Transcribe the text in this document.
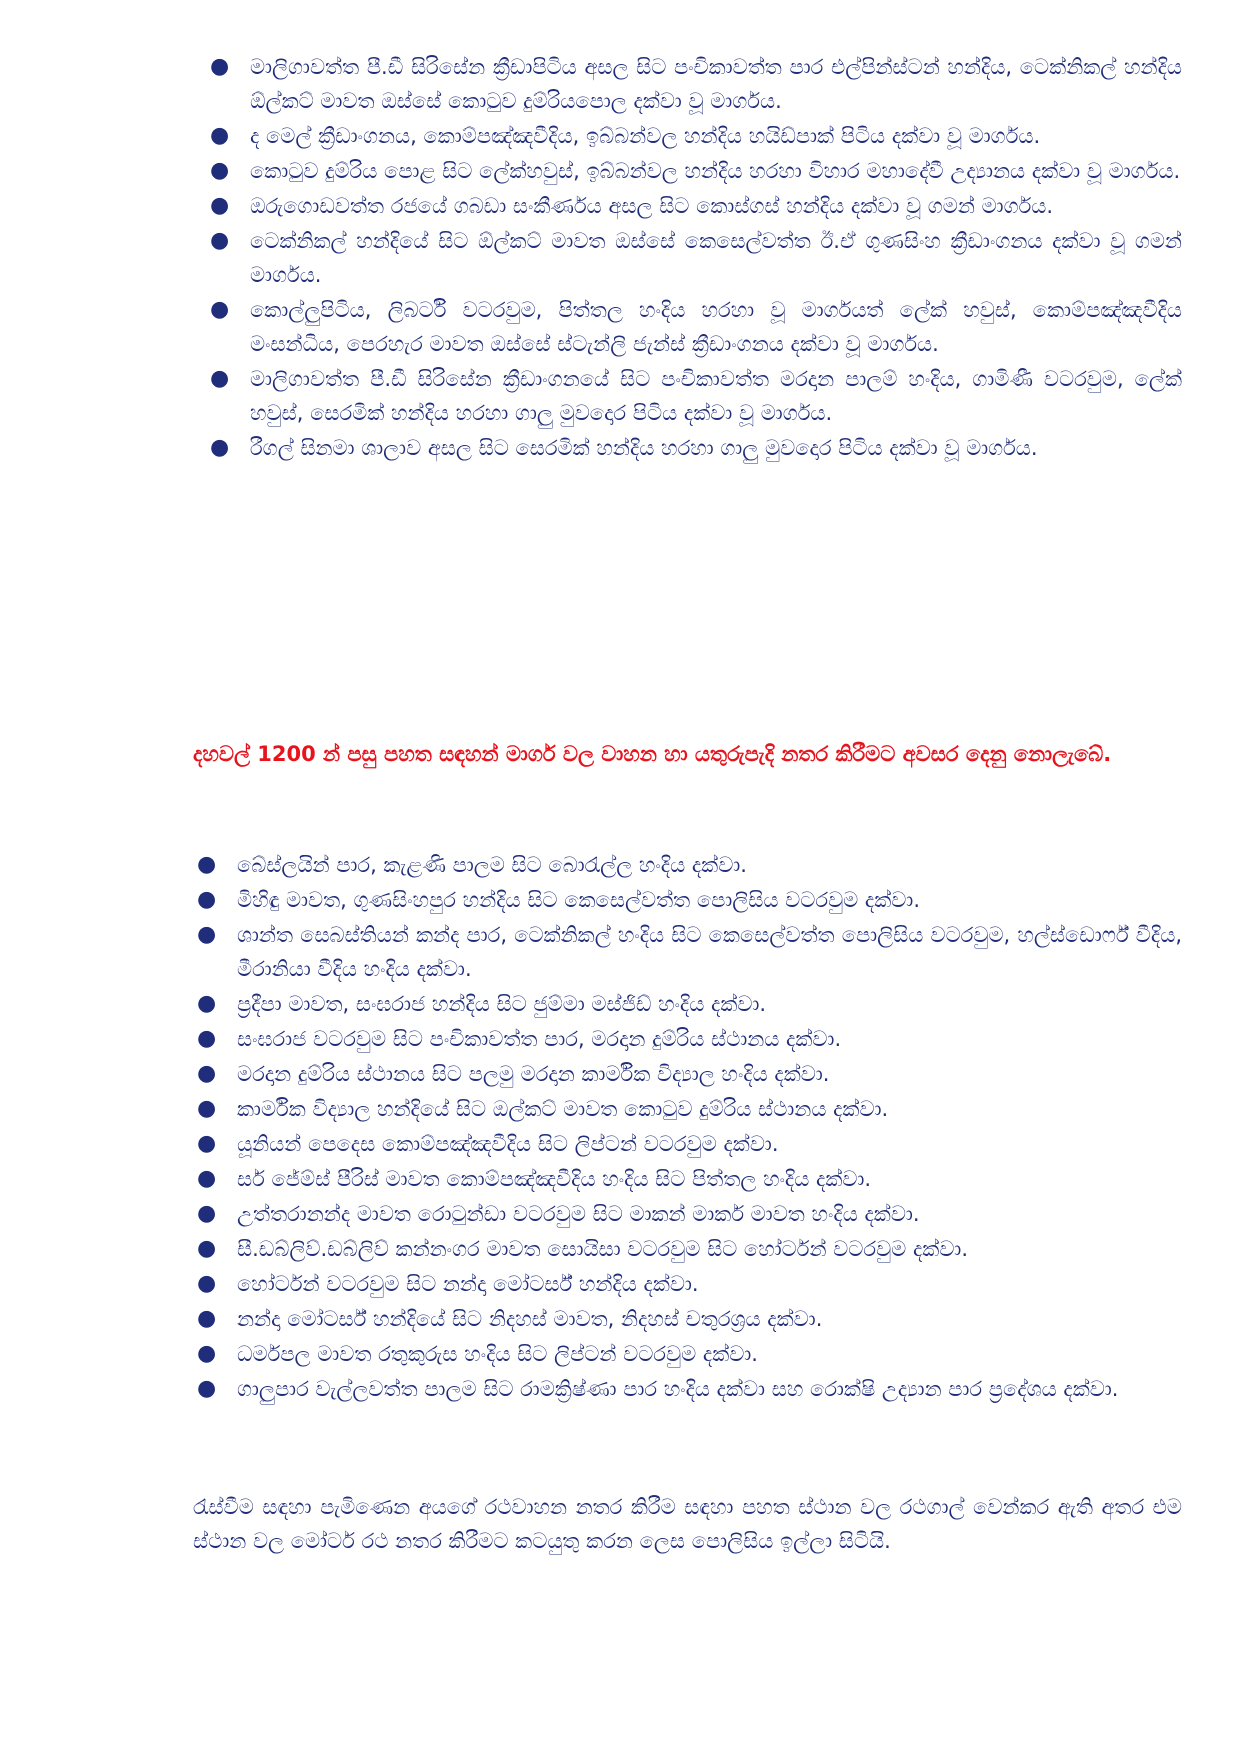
● මාලිගාවත්ත පී.ඩී සිරිසේන ක්‍රීඩාපිටිය අසල සිට පංචිකාවත්ත පාර එල්පින්ස්ටන් හන්දිය, ටෙක්නිකල් හන්දිය ඕල්කට් මාවත ඔස්සේ කොටුව දුම්රියපොල දක්වා වූ මාර්ගය.
● ද මෙල් ක්‍රීඩාංගනය, කොම්පඤ්ඤවීදිය, ඉබ්බන්වල හන්දිය හයිඩ්පාක් පිටිය දක්වා වූ මාර්ගය.
● කොටුව දුම්රිය පොළ සිට ලේක්හවුස්, ඉබ්බන්වල හන්දිය හරහා විහාර මහාදේවී උද්‍යානය දක්වා වූ මාර්ගය.
● ඔරුගොඩවත්ත රජයේ ගබඩා සංකීර්ණය අසල සිට කොස්ගස් හන්දිය දක්වා වූ ගමන් මාර්ගය.
● ටෙක්නිකල් හන්දියේ සිට ඕල්කට් මාවත ඔස්සේ කෙසෙල්වත්ත ඊ.ඒ ගුණසිංහ ක්‍රීඩාංගනය දක්වා වූ ගමන් මාර්ගය.
● කොල්ලුපිටිය, ලිබර්ටි වටරවුම, පිත්තල හංදිය හරහා වූ මාර්ගයත් ලේක් හවුස්, කොම්පඤ්ඤවීදිය මංසන්ධිය, පෙරහැර මාවත ඔස්සේ ස්ටැන්ලි ජැන්ස් ක්‍රීඩාංගනය දක්වා වූ මාර්ගය.
● මාලිගාවත්ත පී.ඩී සිරිසේන ක්‍රීඩාංගනයේ සිට පංචිකාවත්ත මරදාන පාලම් හංදිය, ගාමිණී වටරවුම, ලේක් හවුස්, සෙරමික් හන්දිය හරහා ගාලු මුවදොර පිටිය දක්වා වූ මාර්ගය.
● රීගල් සිනමා ශාලාව අසල සිට සෙරමික් හන්දිය හරහා ගාලු මුවදොර පිටිය දක්වා වූ මාර්ගය.
දහවල් 1200 න් පසු පහත සඳහන් මාර්ග වල වාහන හා යතුරුපැදි නතර කිරීමට අවසර දෙනු නොලැබේ.
● බේස්ලයින් පාර, කැළණි පාලම සිට බොරැල්ල හංදිය දක්වා.
● මිහිඳු මාවත, ගුණසිංහපුර හන්දිය සිට කෙසෙල්වත්ත පොලිසිය වටරවුම දක්වා.
● ශාන්ත සෙබස්තියන් කන්ද පාර, ටෙක්නිකල් හංදිය සිට කෙසෙල්වත්ත පොලිසිය වටරවුම, හල්ස්ඩොර්ෆ් වීදිය, මීරානියා වීදිය හංදිය දක්වා.
● ප්‍රදීපා මාවත, සංඝරාජ හන්දිය සිට ජුම්මා මස්ජිඩ් හංදිය දක්වා.
● සංඝරාජ වටරවුම සිට පංචිකාවත්ත පාර, මරදාන දුම්රිය ස්ථානය දක්වා.
● මරදාන දුම්රිය ස්ථානය සිට පලමු මරදාන කාර්මික විද්‍යාල හංදිය දක්වා.
● කාර්මික විද්‍යාල හන්දියේ සිට ඔල්කට් මාවත කොටුව දුම්රිය ස්ථානය දක්වා.
● යූනියන් පෙදෙස කොම්පඤ්ඤවීදිය සිට ලිප්ටන් වටරවුම දක්වා.
● සර් ජේම්ස් පීරිස් මාවත කොම්පඤ්ඤවීදිය හංදිය සිට පිත්තල හංදිය දක්වා.
● උත්තරානන්ද මාවත රොටුන්ඩා වටරවුම සිට මාකන් මාකර් මාවත හංදිය දක්වා.
● සී.ඩබ්ලිව්.ඩබ්ලිව් කන්නංගර මාවත සොයිසා වටරවුම සිට හෝර්ටන් වටරවුම දක්වා.
● හෝර්ටන් වටරවුම සිට නන්දා මෝටර්ස් හන්දිය දක්වා.
● නන්දා මෝටර්ස් හන්දියේ සිට නිදහස් මාවත, නිදහස් චතුරශ්‍රය දක්වා.
● ධර්මපල මාවත රතුකුරුස හංදිය සිට ලිප්ටන් වටරවුම දක්වා.
● ගාලුපාර වැල්ලවත්ත පාලම සිට රාමක්‍රිෂ්ණා පාර හංදිය දක්වා සහ රොක්ෂි උද්‍යාන පාර ප්‍රදේශය දක්වා.
රැස්වීම සඳහා පැමිණෙන අයගේ රථවාහන නතර කිරීම සඳහා පහත ස්ථාන වල රථගාල් වෙන්කර ඇති අතර එම ස්ථාන වල මෝටර් රථ නතර කිරීමට කටයුතු කරන ලෙස පොලිසිය ඉල්ලා සිටියි.
